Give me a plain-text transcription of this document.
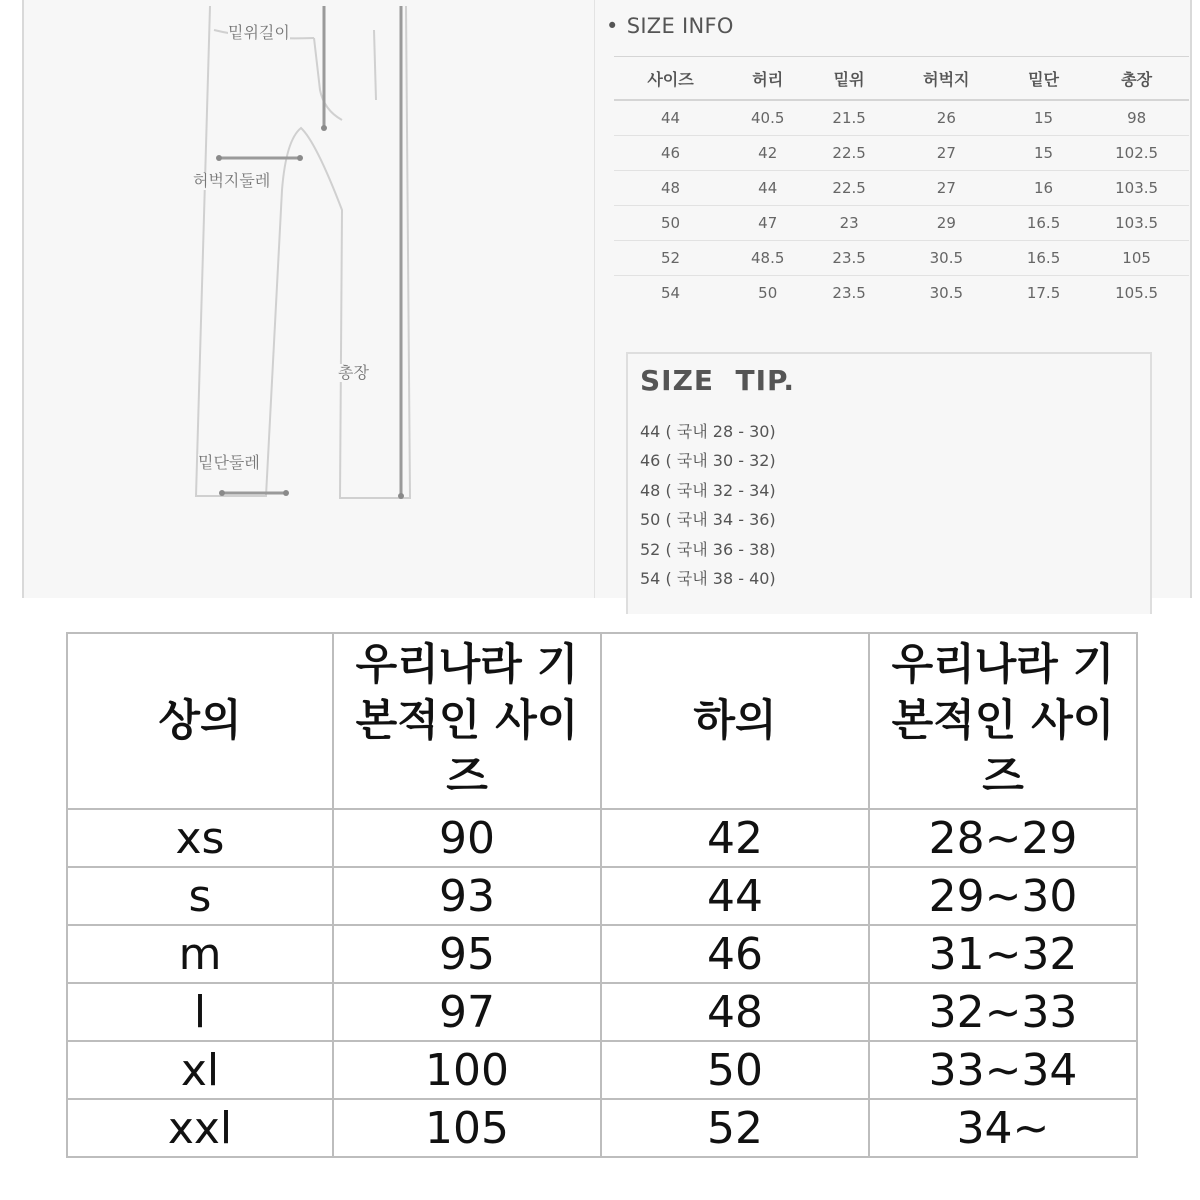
밑위길이
허벅지둘레
총장
밑단둘레
• SIZE INFO
사이즈	허리	밑위	허벅지	밑단	총장
44	40.5	21.5	26	15	98
46	42	22.5	27	15	102.5
48	44	22.5	27	16	103.5
50	47	23	29	16.5	103.5
52	48.5	23.5	30.5	16.5	105
54	50	23.5	30.5	17.5	105.5
SIZE  TIP.
44 ( 국내 28 - 30)
46 ( 국내 30 - 32)
48 ( 국내 32 - 34)
50 ( 국내 34 - 36)
52 ( 국내 36 - 38)
54 ( 국내 38 - 40)
상의	우리나라 기본적인 사이즈	하의	우리나라 기본적인 사이즈
xs	90	42	28~29
s	93	44	29~30
m	95	46	31~32
l	97	48	32~33
xl	100	50	33~34
xxl	105	52	34~
